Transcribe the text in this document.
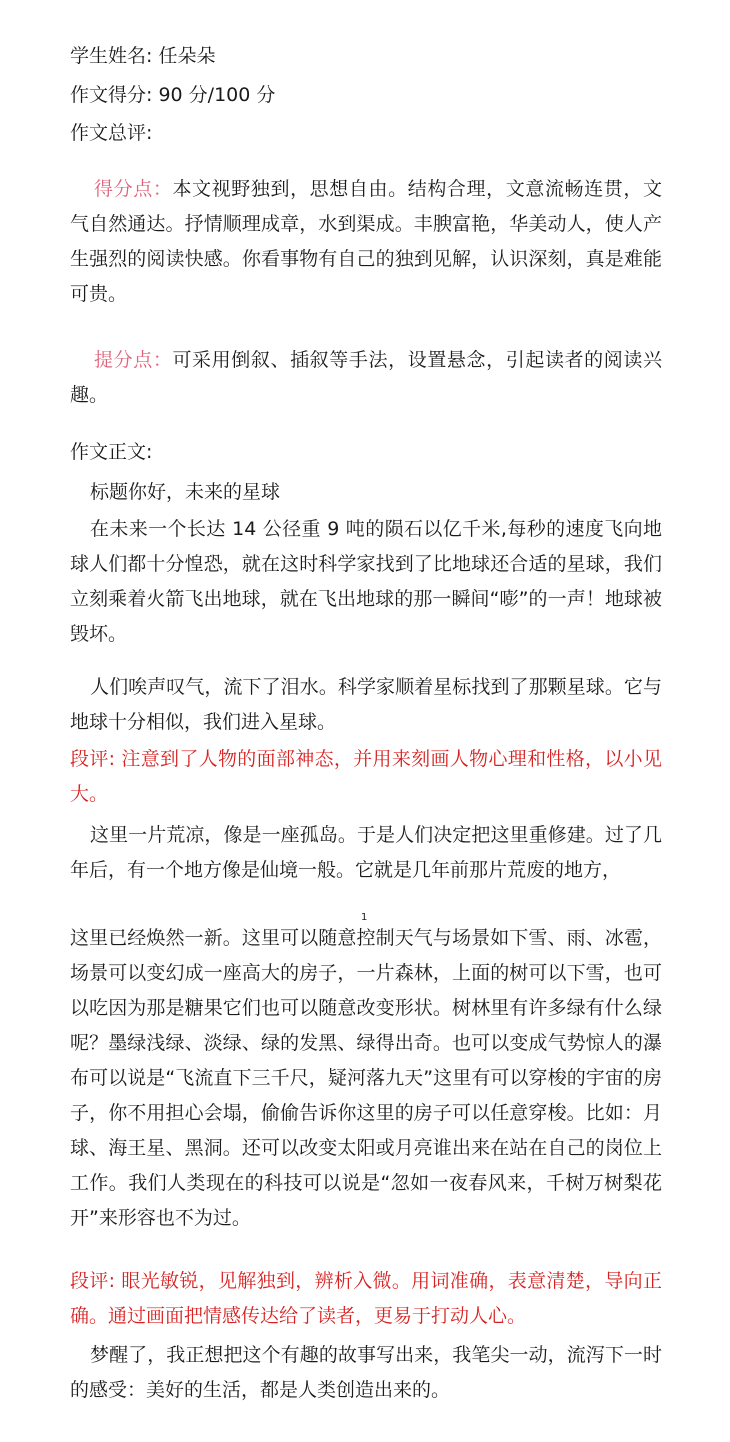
学生姓名: 任朵朵
作文得分: 90 分/100 分
作文总评:
得分点：本文视野独到，思想自由。结构合理，文意流畅连贯，文气自然通达。抒情顺理成章，水到渠成。丰腴富艳，华美动人，使人产生强烈的阅读快感。你看事物有自己的独到见解，认识深刻，真是难能可贵。
提分点：可采用倒叙、插叙等手法，设置悬念，引起读者的阅读兴趣。
作文正文:
标题你好，未来的星球
在未来一个长达 14 公径重 9 吨的陨石以亿千米,每秒的速度飞向地球人们都十分惶恐，就在这时科学家找到了比地球还合适的星球，我们立刻乘着火箭飞出地球，就在飞出地球的那一瞬间“嘭”的一声！地球被毁坏。
人们唉声叹气，流下了泪水。科学家顺着星标找到了那颗星球。它与地球十分相似，我们进入星球。
段评: 注意到了人物的面部神态，并用来刻画人物心理和性格，以小见大。
这里一片荒凉，像是一座孤岛。于是人们决定把这里重修建。过了几年后，有一个地方像是仙境一般。它就是几年前那片荒废的地方，
1
这里已经焕然一新。这里可以随意控制天气与场景如下雪、雨、冰雹，场景可以变幻成一座高大的房子，一片森林，上面的树可以下雪，也可以吃因为那是糖果它们也可以随意改变形状。树林里有许多绿有什么绿呢？墨绿浅绿、淡绿、绿的发黑、绿得出奇。也可以变成气势惊人的瀑布可以说是“飞流直下三千尺，疑河落九天”这里有可以穿梭的宇宙的房子，你不用担心会塌，偷偷告诉你这里的房子可以任意穿梭。比如：月球、海王星、黑洞。还可以改变太阳或月亮谁出来在站在自己的岗位上工作。我们人类现在的科技可以说是“忽如一夜春风来，千树万树梨花开”来形容也不为过。
段评: 眼光敏锐，见解独到，辨析入微。用词准确，表意清楚，导向正确。通过画面把情感传达给了读者，更易于打动人心。
梦醒了，我正想把这个有趣的故事写出来，我笔尖一动，流泻下一时的感受：美好的生活，都是人类创造出来的。
